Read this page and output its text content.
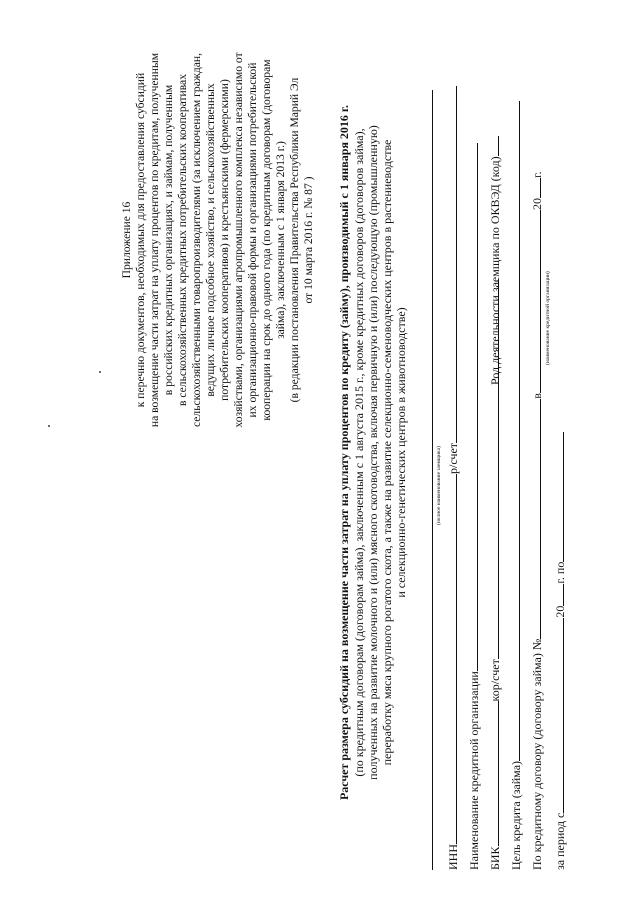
Приложение 16 к перечню документов, необходимых для предоставления субсидий на возмещение части затрат на уплату процентов по кредитам, полученным в российских кредитных организациях, и займам, полученным в сельскохозяйственных кредитных потребительских кооперативах сельскохозяйственными товаропроизводителями (за исключением граждан, ведущих личное подсобное хозяйство, и сельскохозяйственных потребительских кооперативов) и крестьянскими (фермерскими) хозяйствами, организациями агропромышленного комплекса независимо от их организационно-правовой формы и организациями потребительской кооперации на срок до одного года (по кредитным договорам (договорам займа), заключенным с 1 января 2013 г.) (в редакции постановления Правительства Республики Марий Эл от 10 марта 2016 г. № 87 ) Расчет размера субсидий на возмещение части затрат на уплату процентов по кредиту (займу), производимый с 1 января 2016 г. (по кредитным договорам (договорам займа), заключенным с 1 августа 2015 г., кроме кредитных договоров (договоров займа), полученных на развитие молочного и (или) мясного скотоводства, включая первичную и (или) последующую (промышленную) переработку мяса крупного рогатого скота, а также на развитие селекционно-семеноводческих центров в растениеводстве и селекционно-генетических центров в животноводстве)	(полное наименование заемщика)
ИННр/счет
Наименование кредитной организации БИКкор/счет
Род деятельности заемщика по ОКВЭД (код)
Цель кредита (займа) По кредитному договору (договору займа) №в20г.
(наименование кредитной организации)
за период с20г. по
